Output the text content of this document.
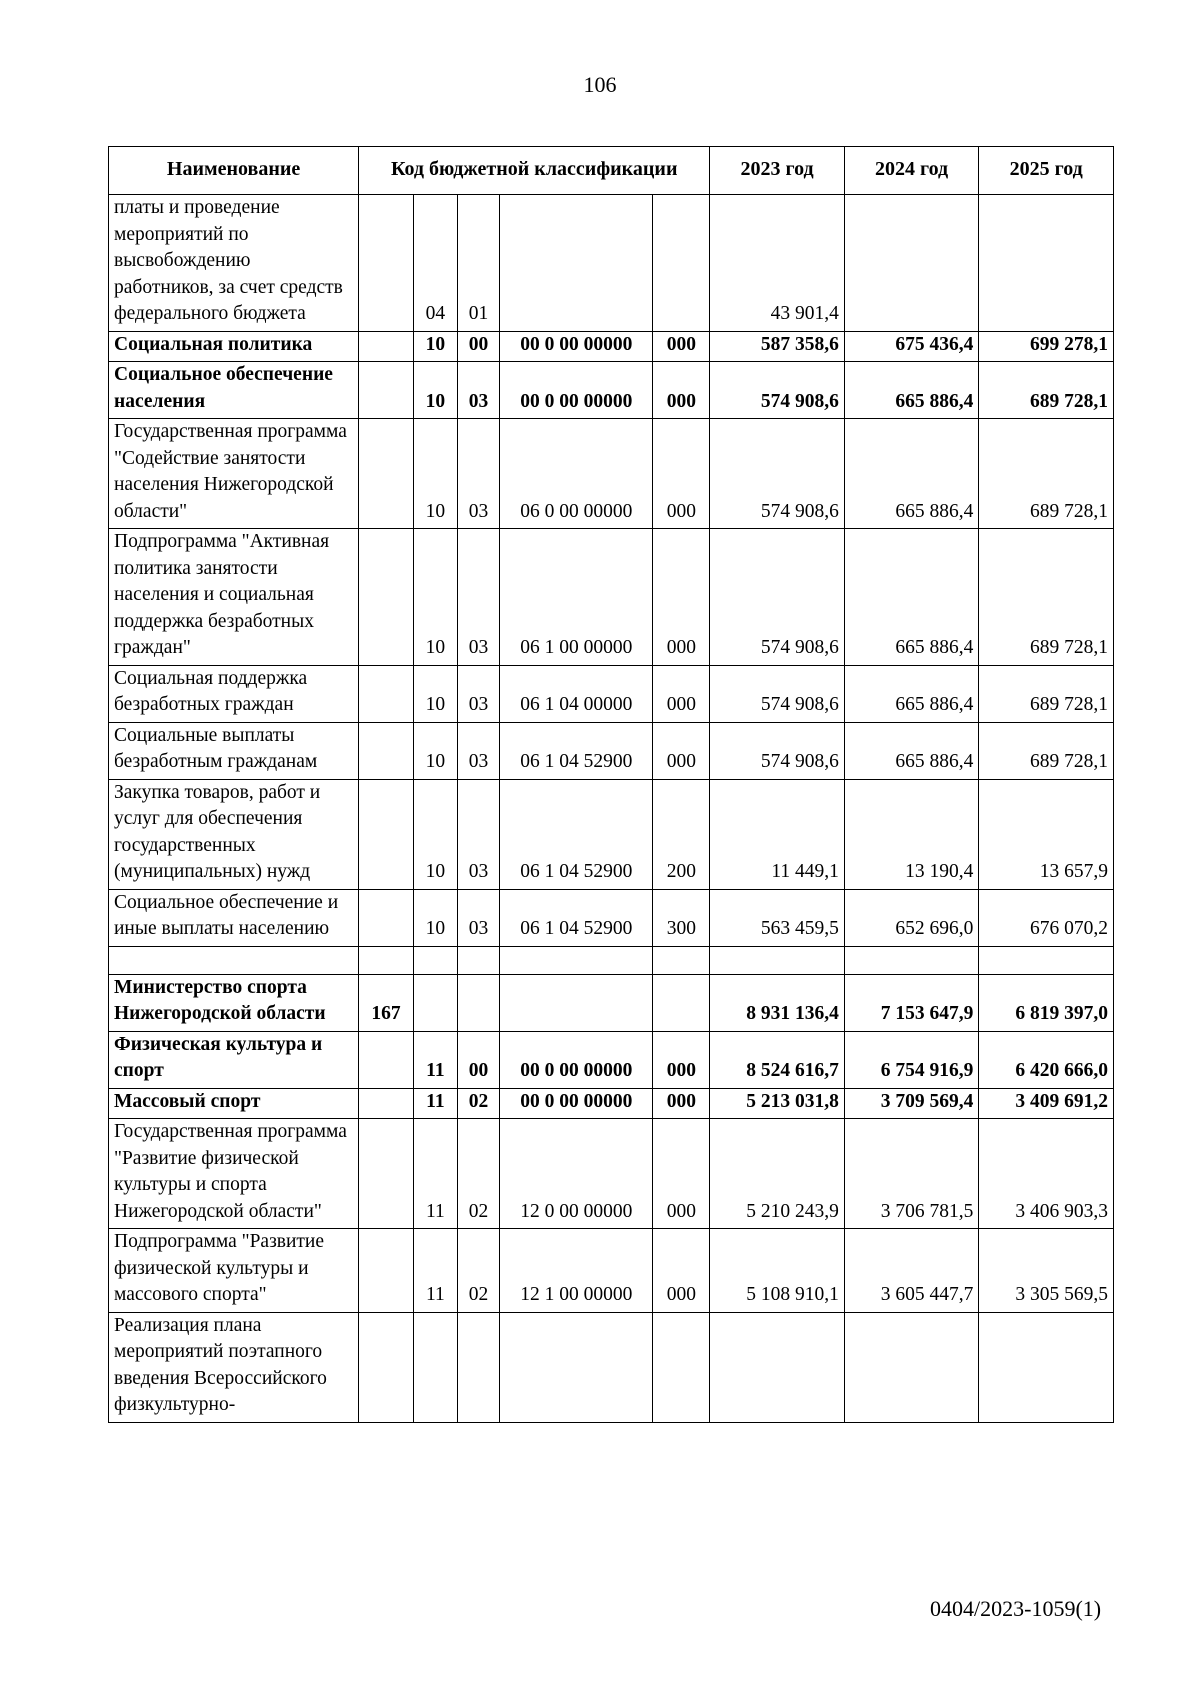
106
Наименование	Код бюджетной классификации					2023 год	2024 год	2025 год
платы и проведение мероприятий по высвобождению работников, за счет средств федерального бюджета		04	01			43 901,4		
Социальная политика		10	00	00 0 00 00000	000	587 358,6	675 436,4	699 278,1
Социальное обеспечение населения		10	03	00 0 00 00000	000	574 908,6	665 886,4	689 728,1
Государственная программа "Содействие занятости населения Нижегородской области"		10	03	06 0 00 00000	000	574 908,6	665 886,4	689 728,1
Подпрограмма "Активная политика занятости населения и социальная поддержка безработных граждан"		10	03	06 1 00 00000	000	574 908,6	665 886,4	689 728,1
Социальная поддержка безработных граждан		10	03	06 1 04 00000	000	574 908,6	665 886,4	689 728,1
Социальные выплаты безработным гражданам		10	03	06 1 04 52900	000	574 908,6	665 886,4	689 728,1
Закупка товаров, работ и услуг для обеспечения государственных (муниципальных) нужд		10	03	06 1 04 52900	200	11 449,1	13 190,4	13 657,9
Социальное обеспечение и иные выплаты населению		10	03	06 1 04 52900	300	563 459,5	652 696,0	676 070,2

Министерство спорта Нижегородской области	167					8 931 136,4	7 153 647,9	6 819 397,0
Физическая культура и спорт		11	00	00 0 00 00000	000	8 524 616,7	6 754 916,9	6 420 666,0
Массовый спорт		11	02	00 0 00 00000	000	5 213 031,8	3 709 569,4	3 409 691,2
Государственная программа "Развитие физической культуры и спорта Нижегородской области"		11	02	12 0 00 00000	000	5 210 243,9	3 706 781,5	3 406 903,3
Подпрограмма "Развитие физической культуры и массового спорта"		11	02	12 1 00 00000	000	5 108 910,1	3 605 447,7	3 305 569,5
Реализация плана мероприятий поэтапного введения Всероссийского физкультурно-								
0404/2023-1059(1)
